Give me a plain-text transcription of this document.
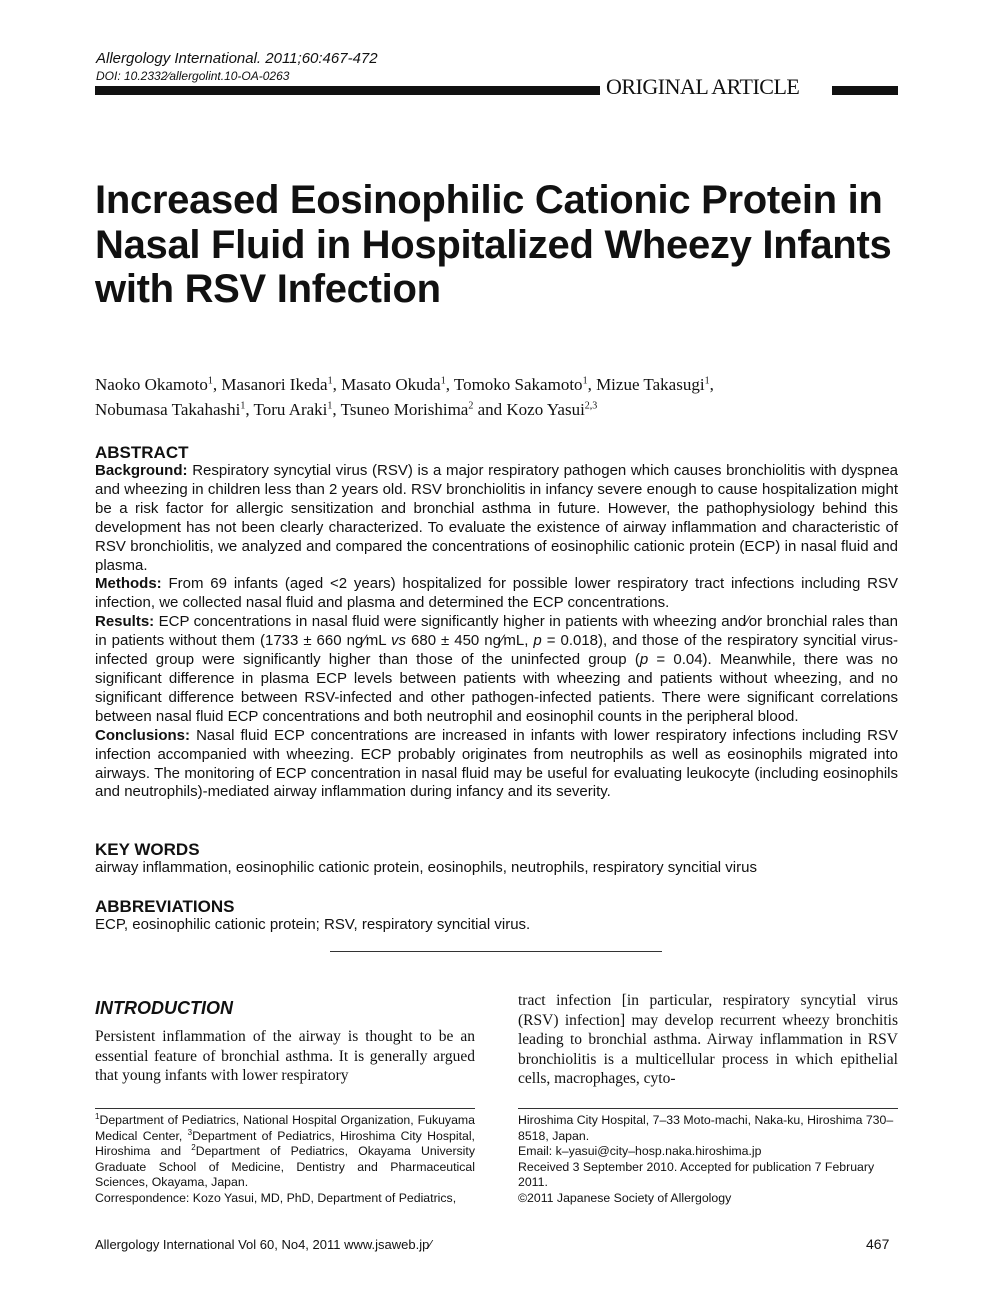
Allergology International. 2011;60:467-472
DOI: 10.2332∕allergolint.10-OA-0263	ORIGINAL ARTICLE
Increased Eosinophilic Cationic Protein in Nasal Fluid in Hospitalized Wheezy Infants with RSV Infection
Naoko Okamoto$^1$, Masanori Ikeda$^1$, Masato Okuda$^1$, Tomoko Sakamoto$^1$, Mizue Takasugi$^1$,
Nobumasa Takahashi$^1$, Toru Araki$^1$, Tsuneo Morishima$^2$ and Kozo Yasui$^{2,3}$
ABSTRACT

Background: Respiratory syncytial virus (RSV) is a major respiratory pathogen which causes bronchiolitis with dyspnea and wheezing in children less than 2 years old. RSV bronchiolitis in infancy severe enough to cause hospitalization might be a risk factor for allergic sensitization and bronchial asthma in future. However, the pathophysiology behind this development has not been clearly characterized. To evaluate the existence of airway inflammation and characteristic of RSV bronchiolitis, we analyzed and compared the concentrations of eosinophilic cationic protein (ECP) in nasal fluid and plasma.

Methods: From 69 infants (aged <2 years) hospitalized for possible lower respiratory tract infections including RSV infection, we collected nasal fluid and plasma and determined the ECP concentrations.

Results: ECP concentrations in nasal fluid were significantly higher in patients with wheezing and∕or bronchial rales than in patients without them (1733 ± 660 ng∕mL vs 680 ± 450 ng∕mL, p = 0.018), and those of the respiratory syncitial virus-infected group were significantly higher than those of the uninfected group (p = 0.04). Meanwhile, there was no significant difference in plasma ECP levels between patients with wheezing and patients without wheezing, and no significant difference between RSV-infected and other pathogen-infected patients. There were significant correlations between nasal fluid ECP concentrations and both neutrophil and eosinophil counts in the peripheral blood.

Conclusions: Nasal fluid ECP concentrations are increased in infants with lower respiratory infections including RSV infection accompanied with wheezing. ECP probably originates from neutrophils as well as eosinophils migrated into airways. The monitoring of ECP concentration in nasal fluid may be useful for evaluating leukocyte (including eosinophils and neutrophils)-mediated airway inflammation during infancy and its severity.

KEY WORDS
airway inflammation, eosinophilic cationic protein, eosinophils, neutrophils, respiratory syncitial virus
ABBREVIATIONS
ECP, eosinophilic cationic protein; RSV, respiratory syncitial virus.
INTRODUCTION
Persistent inflammation of the airway is thought to be an essential feature of bronchial asthma. It is generally argued that young infants with lower respiratory
tract infection [in particular, respiratory syncytial virus (RSV) infection] may develop recurrent wheezy bronchitis leading to bronchial asthma. Airway inflammation in RSV bronchiolitis is a multicellular process in which epithelial cells, macrophages, cyto-
$^1$Department of Pediatrics, National Hospital Organization, Fukuyama Medical Center, $^3$Department of Pediatrics, Hiroshima City Hospital, Hiroshima and $^2$Department of Pediatrics, Okayama University Graduate School of Medicine, Dentistry and Pharmaceutical Sciences, Okayama, Japan.
Correspondence: Kozo Yasui, MD, PhD, Department of Pediatrics,
Hiroshima City Hospital, 7–33 Moto-machi, Naka-ku, Hiroshima 730–8518, Japan.
Email: k–yasui@city–hosp.naka.hiroshima.jp
Received 3 September 2010. Accepted for publication 7 February 2011.
©2011 Japanese Society of Allergology
Allergology International Vol 60, No4, 2011 www.jsaweb.jp∕	467
